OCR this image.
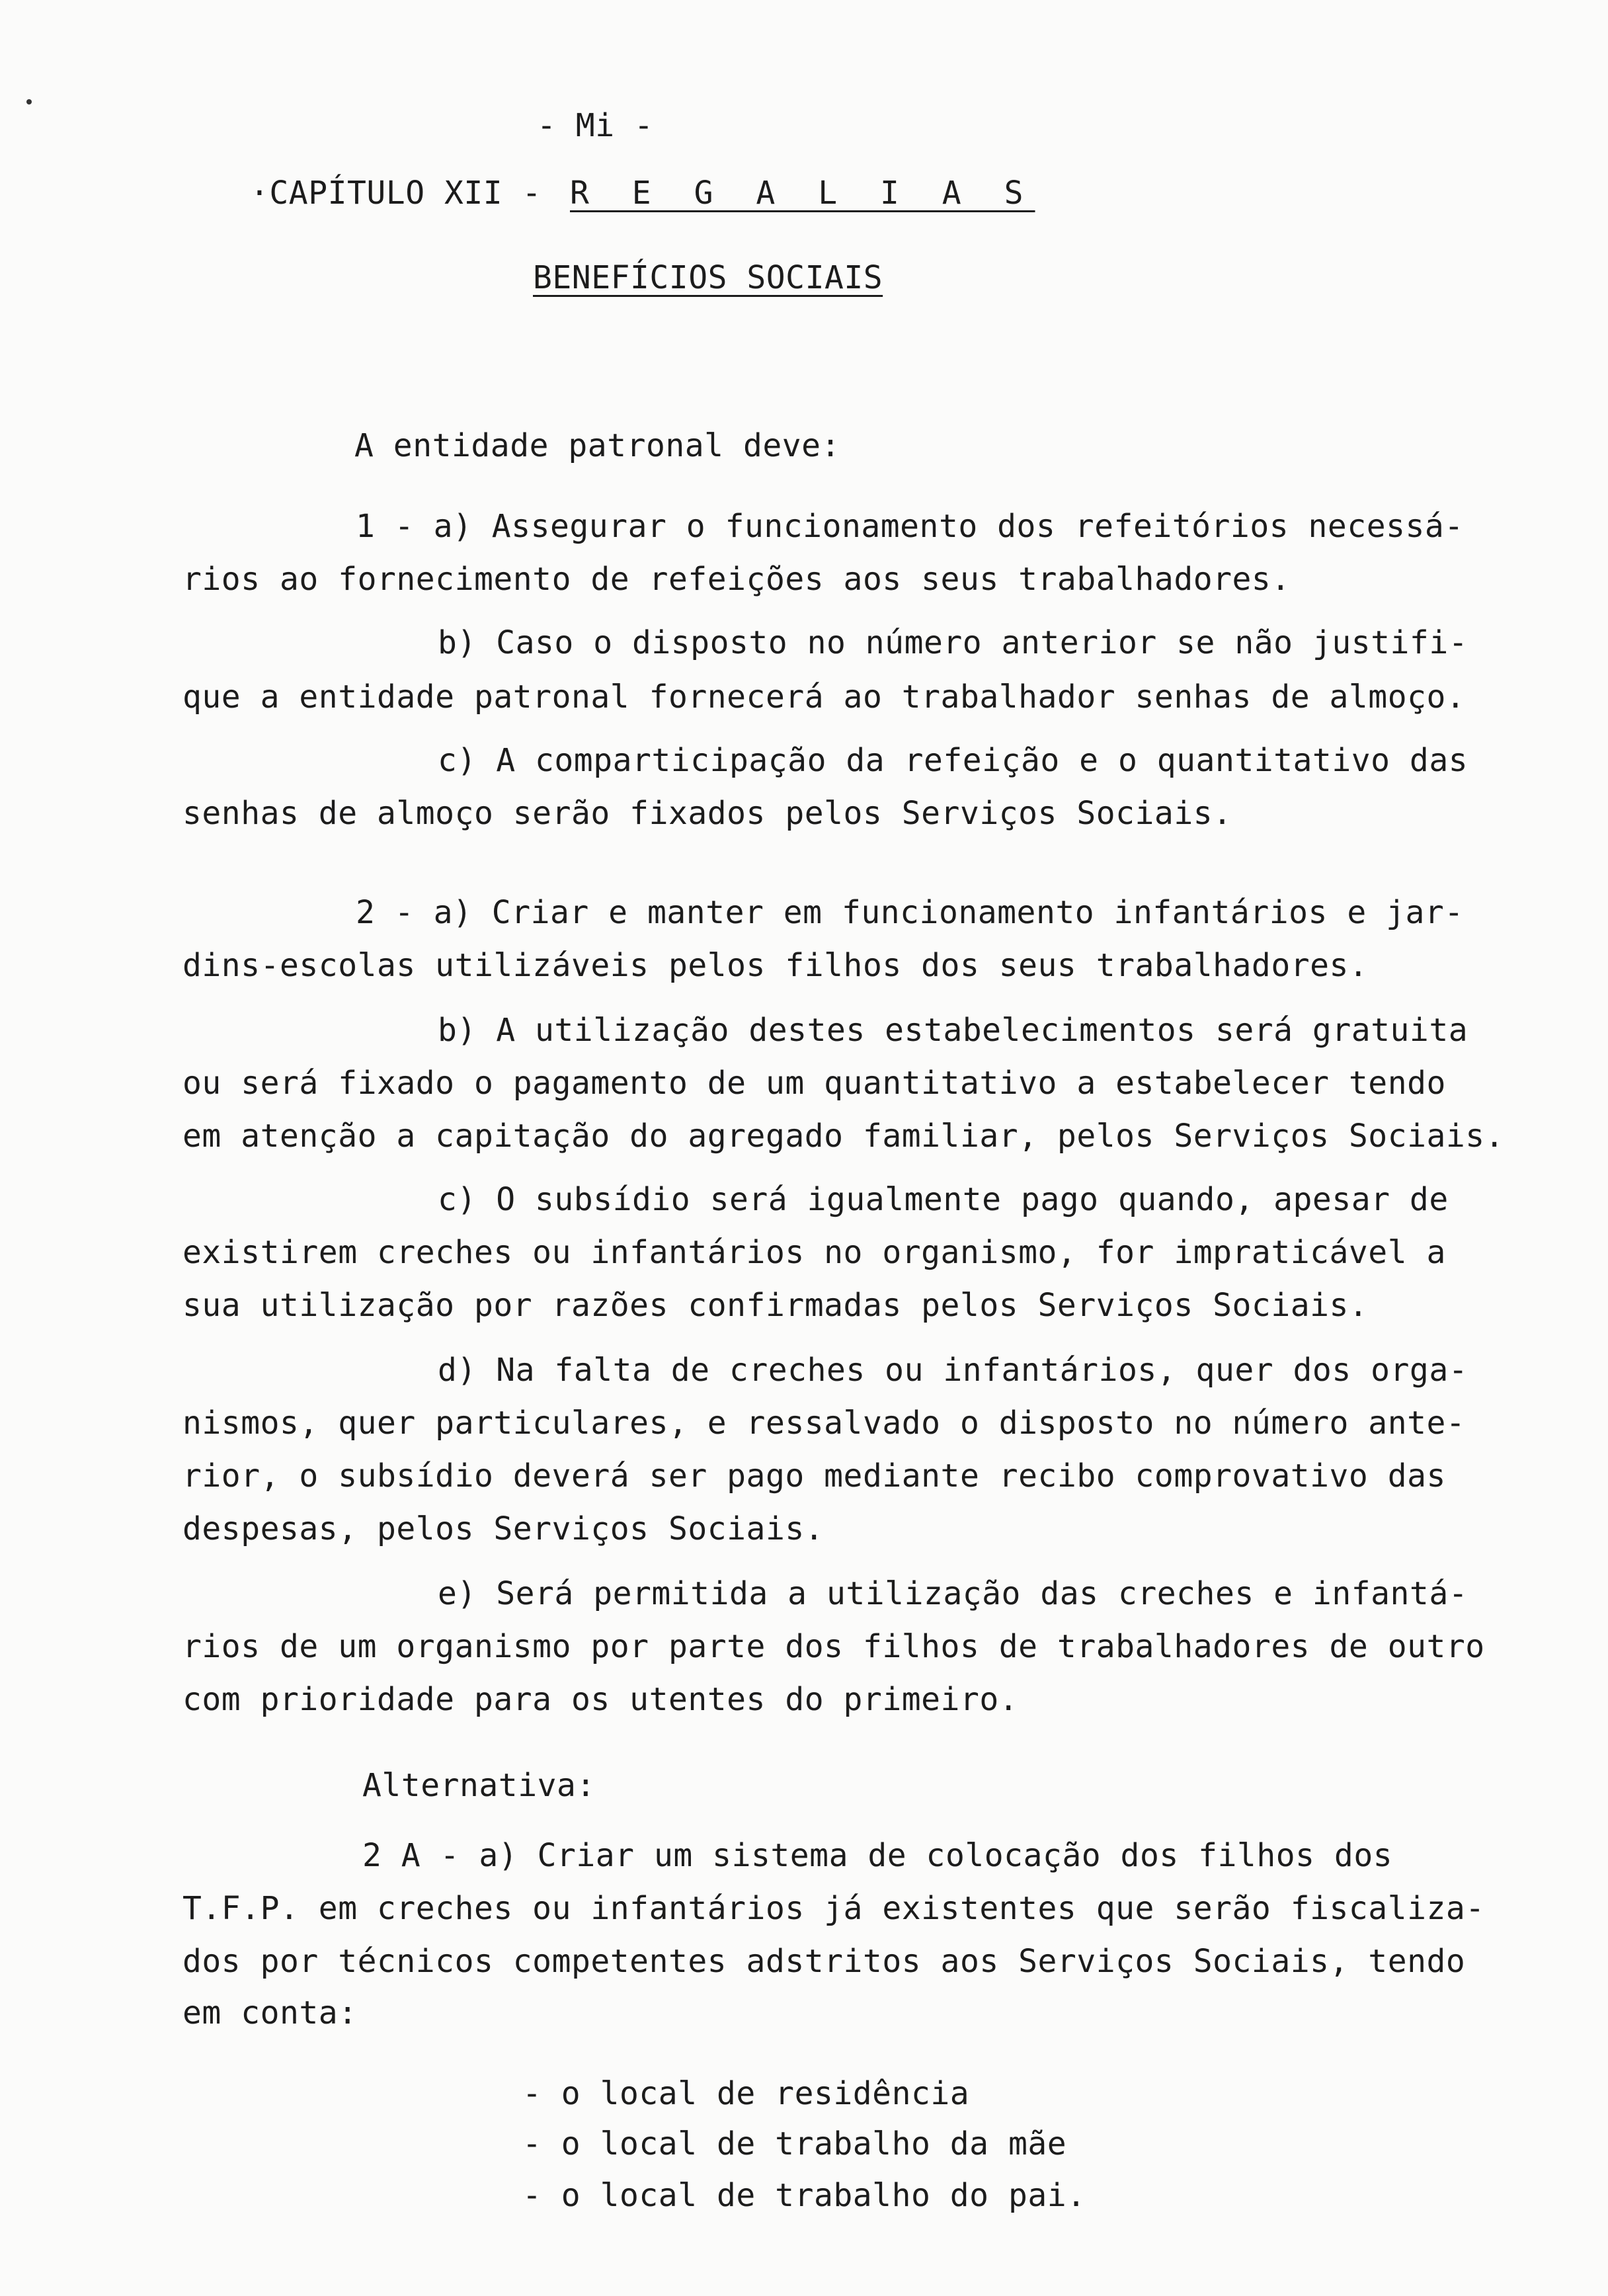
- Mi -
·CAPÍTULO XII - R E G A L I A S
BENEFÍCIOS SOCIAIS
A entidade patronal deve:
1 - a) Assegurar o funcionamento dos refeitórios necessá-
rios ao fornecimento de refeições aos seus trabalhadores.
b) Caso o disposto no número anterior se não justifi-
que a entidade patronal fornecerá ao trabalhador senhas de almoço.
c) A comparticipação da refeição e o quantitativo das
senhas de almoço serão fixados pelos Serviços Sociais.
2 - a) Criar e manter em funcionamento infantários e jar-
dins-escolas utilizáveis pelos filhos dos seus trabalhadores.
b) A utilização destes estabelecimentos será gratuita
ou será fixado o pagamento de um quantitativo a estabelecer tendo
em atenção a capitação do agregado familiar, pelos Serviços Sociais.
c) O subsídio será igualmente pago quando, apesar de
existirem creches ou infantários no organismo, for impraticável a
sua utilização por razões confirmadas pelos Serviços Sociais.
d) Na falta de creches ou infantários, quer dos orga-
nismos, quer particulares, e ressalvado o disposto no número ante-
rior, o subsídio deverá ser pago mediante recibo comprovativo das
despesas, pelos Serviços Sociais.
e) Será permitida a utilização das creches e infantá-
rios de um organismo por parte dos filhos de trabalhadores de outro
com prioridade para os utentes do primeiro.
Alternativa:
2 A - a) Criar um sistema de colocação dos filhos dos
T.F.P. em creches ou infantários já existentes que serão fiscaliza-
dos por técnicos competentes adstritos aos Serviços Sociais, tendo
em conta:
- o local de residência
- o local de trabalho da mãe
- o local de trabalho do pai.
